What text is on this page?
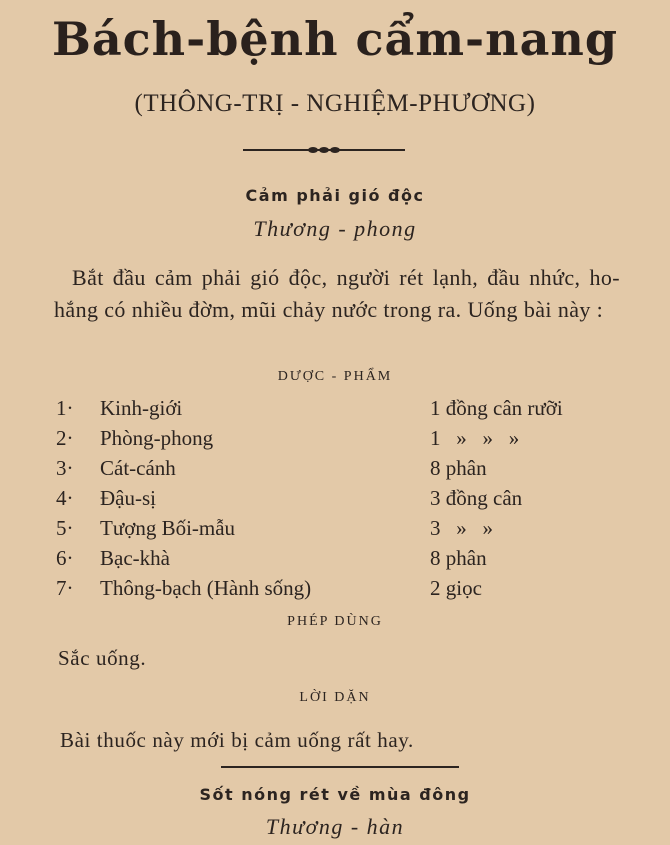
Bách-bệnh cẩm-nang
(THÔNG-TRỊ - NGHIỆM-PHƯƠNG)
Cảm phải gió độc
Thương - phong
Bắt đầu cảm phải gió độc, người rét lạnh, đầu nhức, ho-hắng có nhiều đờm, mũi chảy nước trong ra. Uống bài này :
DƯỢC - PHẨM
1·	Kinh-giới	1 đồng cân rưỡi
2·	Phòng-phong	1   »   »   »
3·	Cát-cánh	8 phân
4·	Đậu-sị	3 đồng cân
5·	Tượng Bối-mẫu	3   »   »
6·	Bạc-khà	8 phân
7·	Thông-bạch (Hành sống)	2 giọc
PHÉP DÙNG
Sắc uống.
LỜI DẶN
Bài thuốc này mới bị cảm uống rất hay.
Sốt nóng rét về mùa đông
Thương - hàn
